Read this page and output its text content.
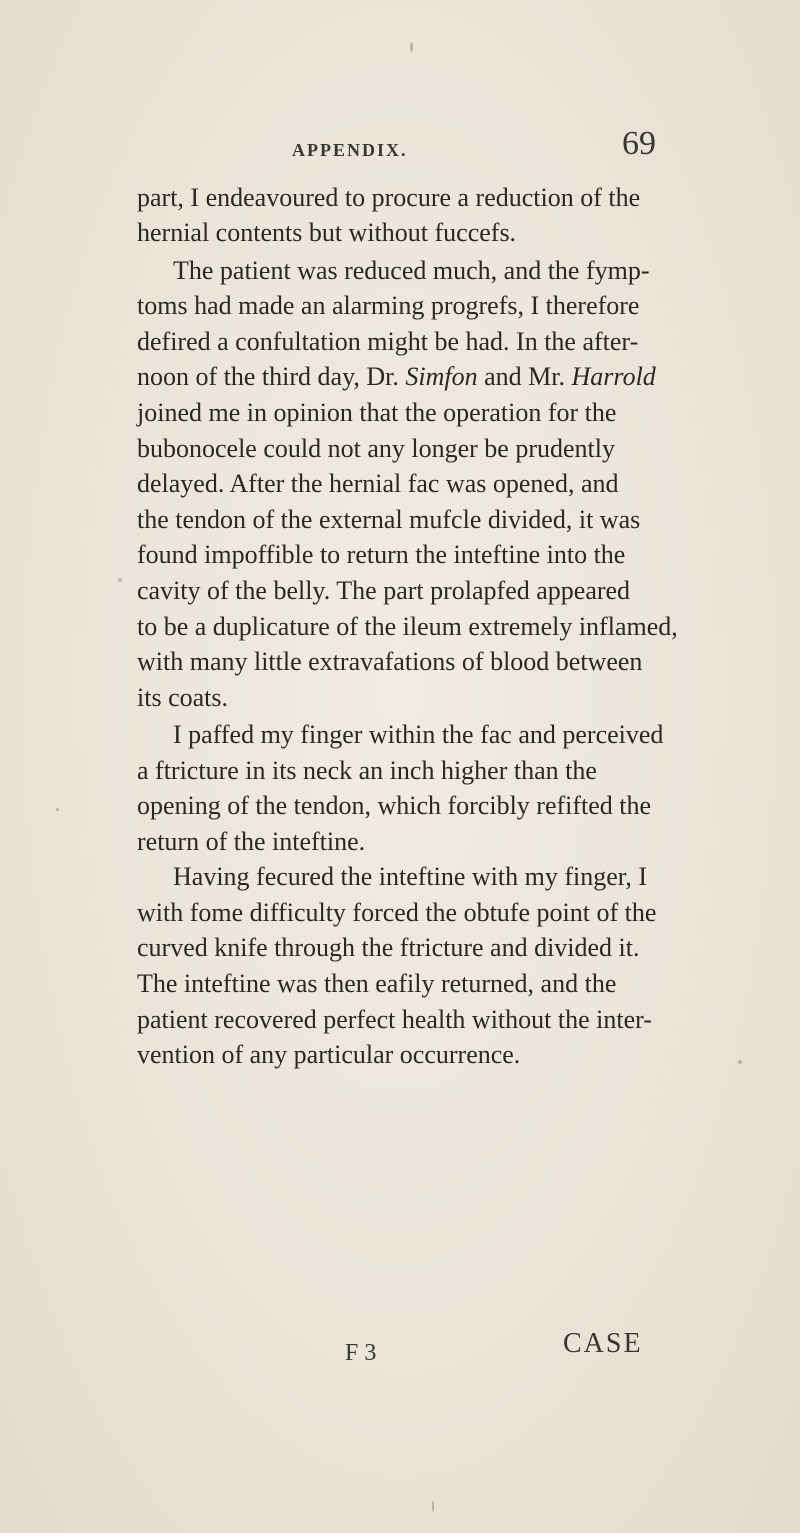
APPENDIX.	69
part, I endeavoured to procure a reduction of the
hernial contents but without fuccefs.
The patient was reduced much, and the fymp-
toms had made an alarming progrefs, I therefore
defired a confultation might be had. In the after-
noon of the third day, Dr. Simfon and Mr. Harrold
joined me in opinion that the operation for the
bubonocele could not any longer be prudently
delayed. After the hernial fac was opened, and
the tendon of the external mufcle divided, it was
found impoffible to return the inteftine into the
cavity of the belly. The part prolapfed appeared
to be a duplicature of the ileum extremely inflamed,
with many little extravafations of blood between
its coats.
I paffed my finger within the fac and perceived
a ftricture in its neck an inch higher than the
opening of the tendon, which forcibly refifted the
return of the inteftine.
Having fecured the inteftine with my finger, I
with fome difficulty forced the obtufe point of the
curved knife through the ftricture and divided it.
The inteftine was then eafily returned, and the
patient recovered perfect health without the inter-
vention of any particular occurrence.
F 3	CASE
